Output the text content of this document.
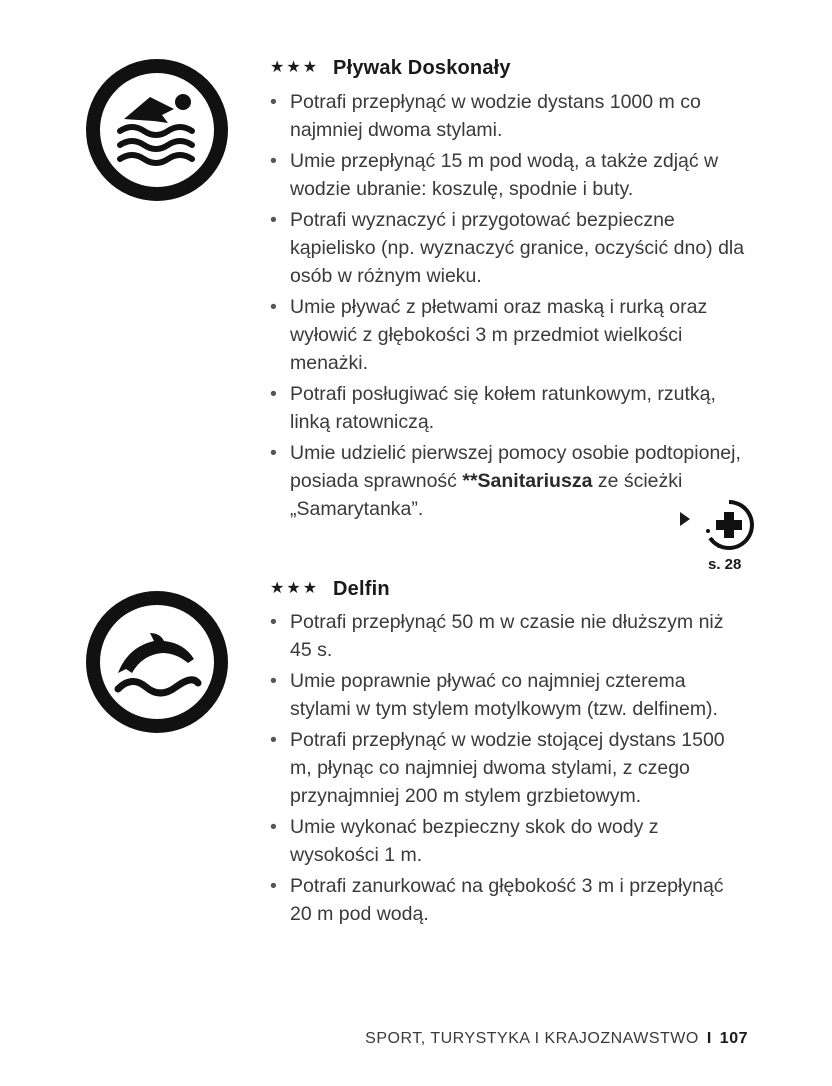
★★★ Pływak Doskonały
• Potrafi przepłynąć w wodzie dystans 1000 m co najmniej dwoma stylami.
• Umie przepłynąć 15 m pod wodą, a także zdjąć w wodzie ubranie: koszulę, spodnie i buty.
• Potrafi wyznaczyć i przygotować bezpieczne kąpielisko (np. wyznaczyć granice, oczyścić dno) dla osób w różnym wieku.
• Umie pływać z płetwami oraz maską i rurką oraz wyłowić z głębokości 3 m przedmiot wielkości menażki.
• Potrafi posługiwać się kołem ratunkowym, rzutką, linką ratowniczą.
• Umie udzielić pierwszej pomocy osobie podtopionej, posiada sprawność **Sanitariusza ze ścieżki „Samarytanka”.
s. 28
★★★ Delfin
• Potrafi przepłynąć 50 m w czasie nie dłuższym niż 45 s.
• Umie poprawnie pływać co najmniej czterema stylami w tym stylem motylkowym (tzw. delfinem).
• Potrafi przepłynąć w wodzie stojącej dystans 1500 m, płynąc co najmniej dwoma stylami, z czego przynajmniej 200 m stylem grzbietowym.
• Umie wykonać bezpieczny skok do wody z wysokości 1 m.
• Potrafi zanurkować na głębokość 3 m i przepłynąć 20 m pod wodą.
SPORT, TURYSTYKA I KRAJOZNAWSTWO I 107
